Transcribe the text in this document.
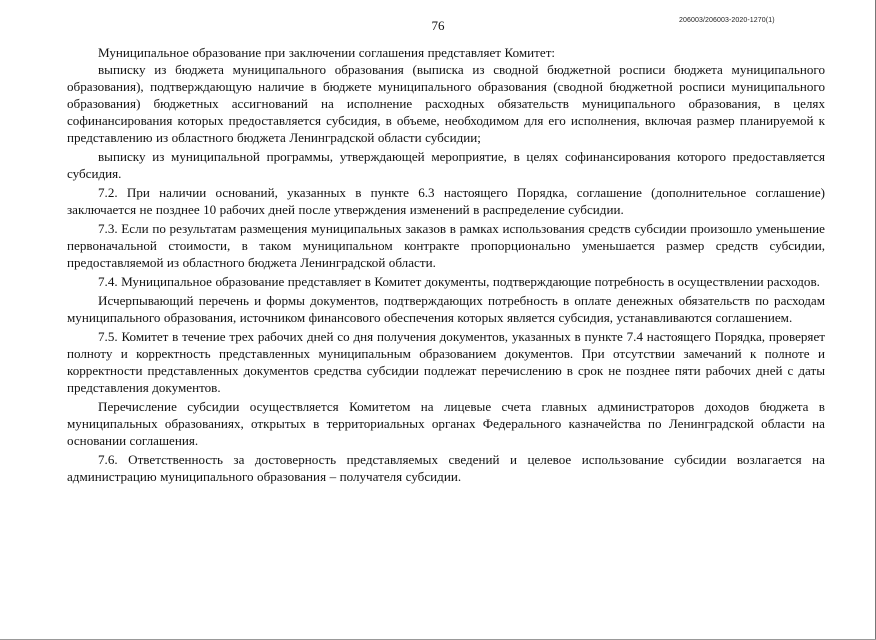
76	206003/206003-2020-1270(1)

Муниципальное образование при заключении соглашения представляет Комитет:

выписку из бюджета муниципального образования (выписка из сводной бюджетной росписи бюджета муниципального образования), подтверждающую наличие в бюджете муниципального образования (сводной бюджетной росписи муниципального образования) бюджетных ассигнований на исполнение расходных обязательств муниципального образования, в целях софинансирования которых предоставляется субсидия, в объеме, необходимом для его исполнения, включая размер планируемой к представлению из областного бюджета Ленинградской области субсидии;

выписку из муниципальной программы, утверждающей мероприятие, в целях софинансирования которого предоставляется субсидия.

7.2. При наличии оснований, указанных в пункте 6.3 настоящего Порядка, соглашение (дополнительное соглашение) заключается не позднее 10 рабочих дней после утверждения изменений в распределение субсидии.

7.3. Если по результатам размещения муниципальных заказов в рамках использования средств субсидии произошло уменьшение первоначальной стоимости, в таком муниципальном контракте пропорционально уменьшается размер средств субсидии, предоставляемой из областного бюджета Ленинградской области.

7.4. Муниципальное образование представляет в Комитет документы, подтверждающие потребность в осуществлении расходов.

Исчерпывающий перечень и формы документов, подтверждающих потребность в оплате денежных обязательств по расходам муниципального образования, источником финансового обеспечения которых является субсидия, устанавливаются соглашением.

7.5. Комитет в течение трех рабочих дней со дня получения документов, указанных в пункте 7.4 настоящего Порядка, проверяет полноту и корректность представленных муниципальным образованием документов. При отсутствии замечаний к полноте и корректности представленных документов средства субсидии подлежат перечислению в срок не позднее пяти рабочих дней с даты представления документов.

Перечисление субсидии осуществляется Комитетом на лицевые счета главных администраторов доходов бюджета в муниципальных образованиях, открытых в территориальных органах Федерального казначейства по Ленинградской области на основании соглашения.

7.6. Ответственность за достоверность представляемых сведений и целевое использование субсидии возлагается на администрацию муниципального образования – получателя субсидии.
